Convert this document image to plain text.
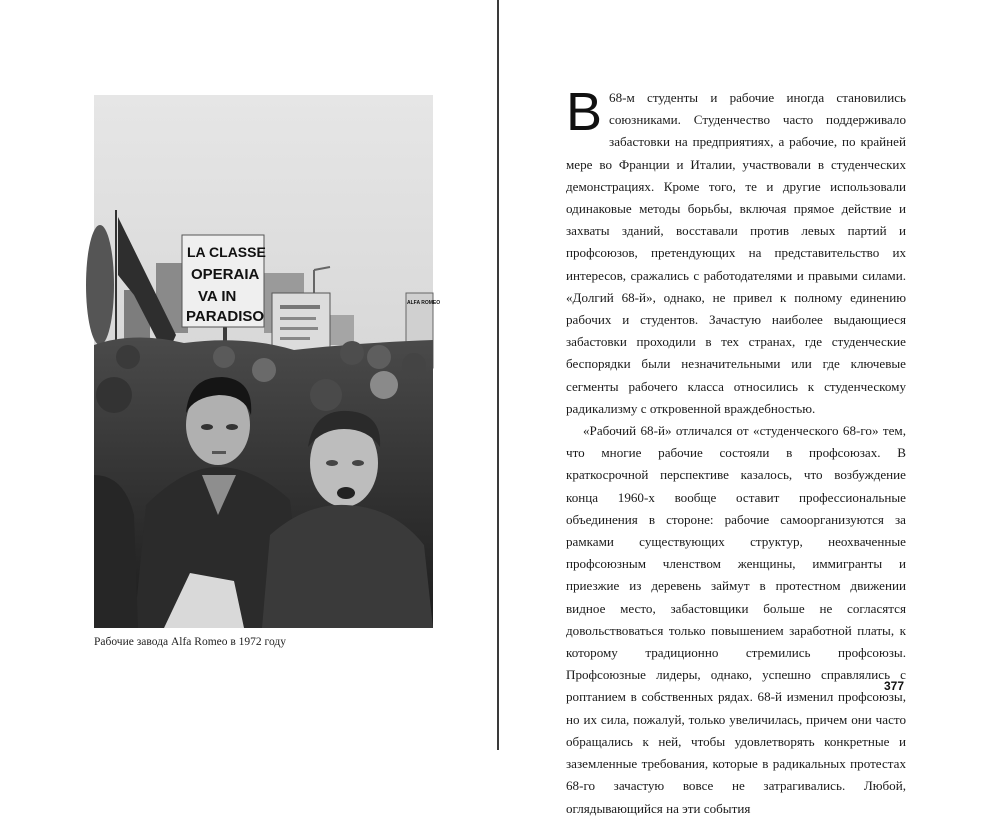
LA CLASSE
OPERAIA
VA IN
PARADISO
ALFA ROMEO
Рабочие завода Alfa Romeo в 1972 году

В 68-м студенты и рабочие иногда становились союзниками. Студенчество часто поддерживало забастовки на предприятиях, а рабочие, по крайней мере во Франции и Италии, участвовали в студенческих демонстрациях. Кроме того, те и другие использовали одинаковые методы борьбы, включая прямое действие и захваты зданий, восставали против левых партий и профсоюзов, претендующих на представительство их интересов, сражались с работодателями и правыми силами. «Долгий 68-й», однако, не привел к полному единению рабочих и студентов. Зачастую наиболее выдающиеся забастовки проходили в тех странах, где студенческие беспорядки были незначительными или где ключевые сегменты рабочего класса относились к студенческому радикализму с откровенной враждебностью.

«Рабочий 68-й» отличался от «студенческого 68-го» тем, что многие рабочие состояли в профсоюзах. В краткосрочной перспективе казалось, что возбуждение конца 1960-х вообще оставит профессиональные объединения в стороне: рабочие самоорганизуются за рамками существующих структур, неохваченные профсоюзным членством женщины, иммигранты и приезжие из деревень займут в протестном движении видное место, забастовщики больше не согласятся довольствоваться только повышением заработной платы, к которому традиционно стремились профсоюзы. Профсоюзные лидеры, однако, успешно справлялись с роптанием в собственных рядах. 68-й изменил профсоюзы, но их сила, пожалуй, только увеличилась, причем они часто обращались к ней, чтобы удовлетворять конкретные и заземленные требования, которые в радикальных протестах 68-го зачастую вовсе не затрагивались. Любой, оглядывающийся на эти события

377
